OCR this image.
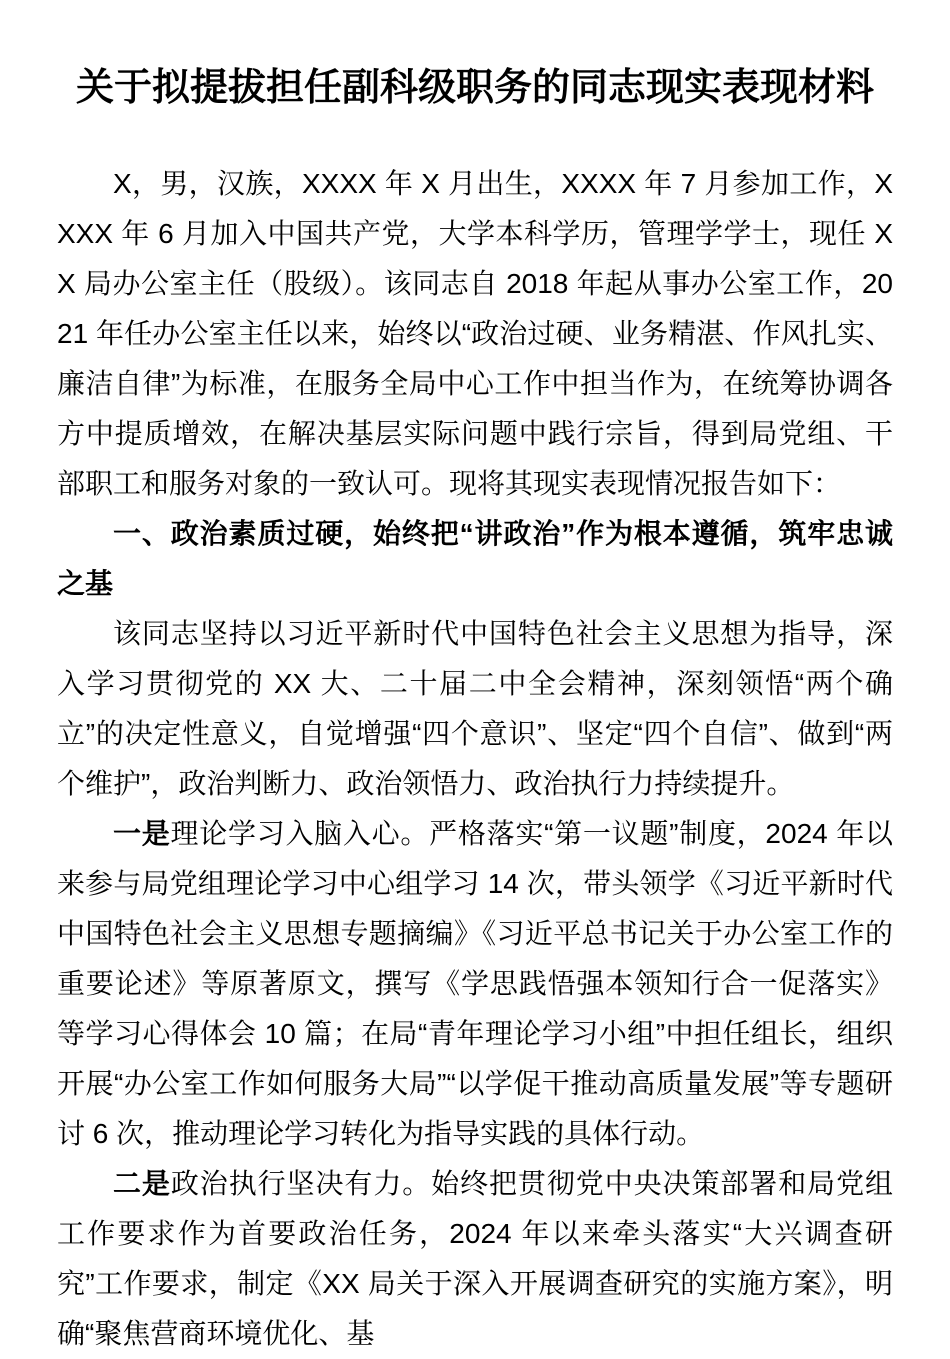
关于拟提拔担任副科级职务的同志现实表现材料

X，男，汉族，XXXX 年 X 月出生，XXXX 年 7 月参加工作，XXXX 年 6 月加入中国共产党，大学本科学历，管理学学士，现任 XX 局办公室主任（股级）。该同志自 2018 年起从事办公室工作，2021 年任办公室主任以来，始终以“政治过硬、业务精湛、作风扎实、廉洁自律”为标准，在服务全局中心工作中担当作为，在统筹协调各方中提质增效，在解决基层实际问题中践行宗旨，得到局党组、干部职工和服务对象的一致认可。现将其现实表现情况报告如下：

一、政治素质过硬，始终把“讲政治”作为根本遵循，筑牢忠诚之基

该同志坚持以习近平新时代中国特色社会主义思想为指导，深入学习贯彻党的 XX 大、二十届二中全会精神，深刻领悟“两个确立”的决定性意义，自觉增强“四个意识”、坚定“四个自信”、做到“两个维护”，政治判断力、政治领悟力、政治执行力持续提升。

一是理论学习入脑入心。严格落实“第一议题”制度，2024 年以来参与局党组理论学习中心组学习 14 次，带头领学《习近平新时代中国特色社会主义思想专题摘编》《习近平总书记关于办公室工作的重要论述》等原著原文，撰写《学思践悟强本领知行合一促落实》等学习心得体会 10 篇；在局“青年理论学习小组”中担任组长，组织开展“办公室工作如何服务大局”“以学促干推动高质量发展”等专题研讨 6 次，推动理论学习转化为指导实践的具体行动。

二是政治执行坚决有力。始终把贯彻党中央决策部署和局党组工作要求作为首要政治任务，2024 年以来牵头落实“大兴调查研究”工作要求，制定《XX 局关于深入开展调查研究的实施方案》，明确“聚焦营商环境优化、基
